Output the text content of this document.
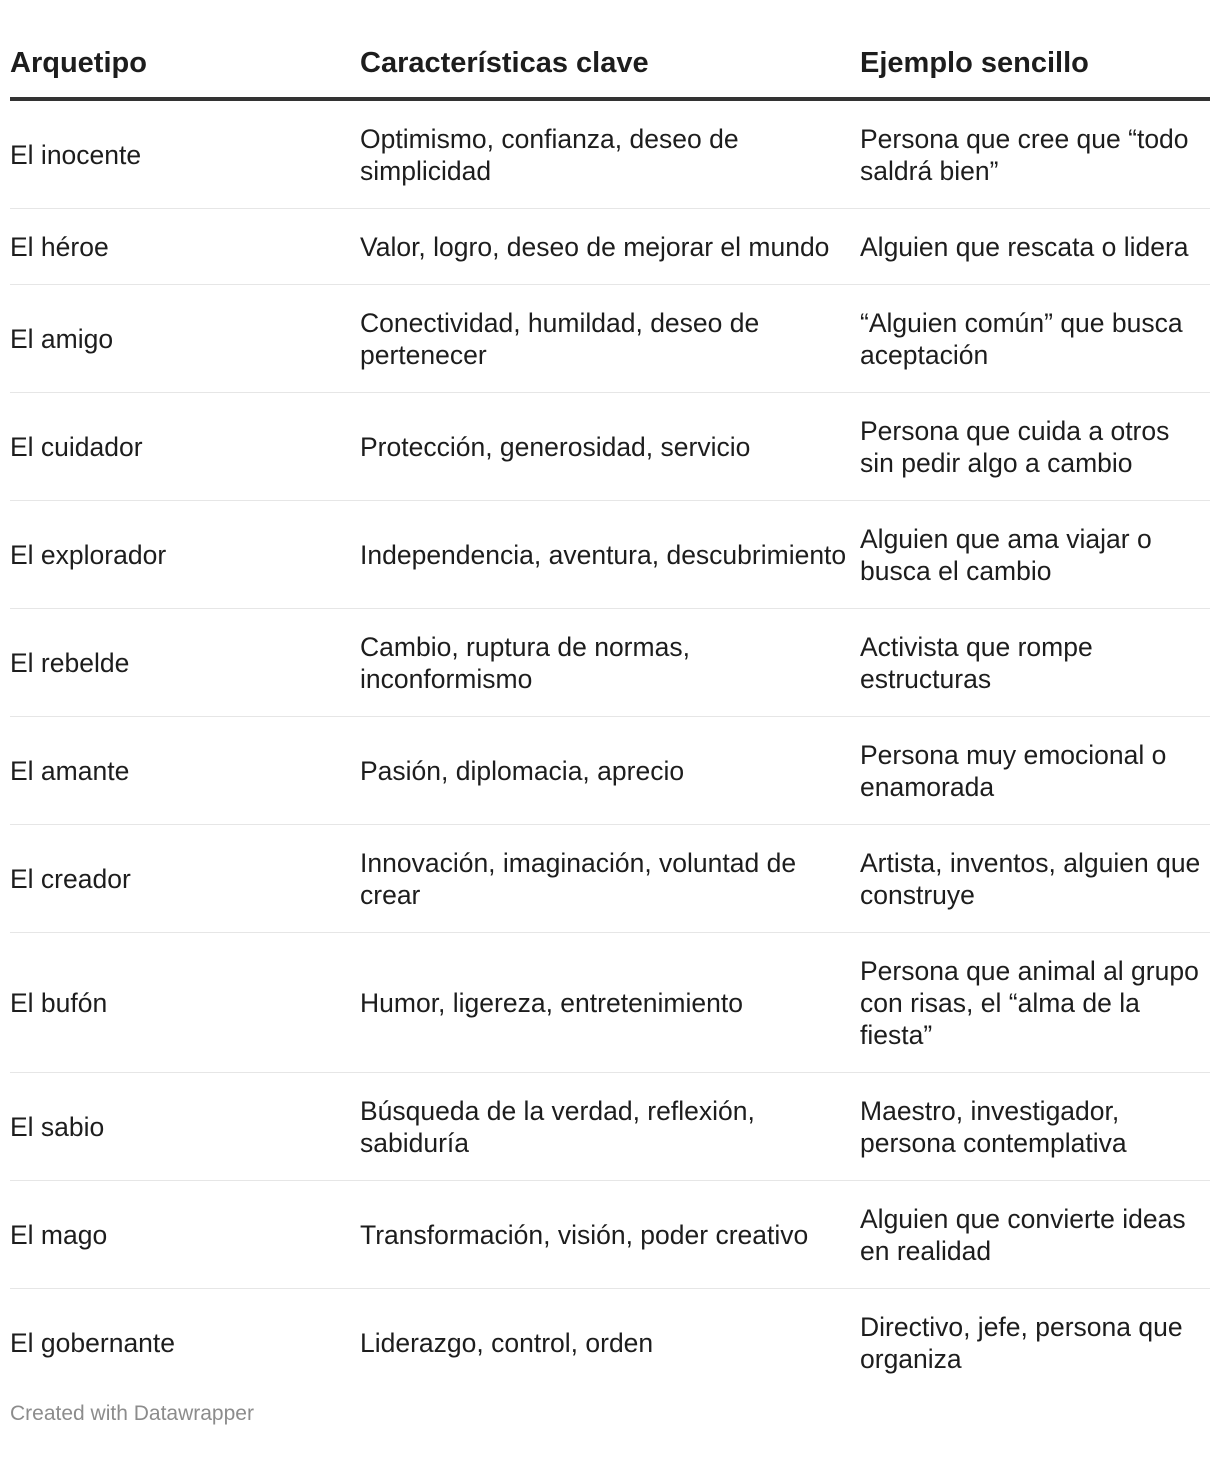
Arquetipo	Características clave	Ejemplo sencillo

El inocente	Optimismo, confianza, deseo de simplicidad	Persona que cree que “todo saldrá bien”

El héroe	Valor, logro, deseo de mejorar el mundo	Alguien que rescata o lidera

El amigo	Conectividad, humildad, deseo de pertenecer	“Alguien común” que busca aceptación

El cuidador	Protección, generosidad, servicio	Persona que cuida a otros sin pedir algo a cambio

El explorador	Independencia, aventura, descubrimiento	Alguien que ama viajar o busca el cambio

El rebelde	Cambio, ruptura de normas, inconformismo	Activista que rompe estructuras

El amante	Pasión, diplomacia, aprecio	Persona muy emocional o enamorada

El creador	Innovación, imaginación, voluntad de crear	Artista, inventos, alguien que construye

El bufón	Humor, ligereza, entretenimiento	Persona que animal al grupo con risas, el “alma de la fiesta”

El sabio	Búsqueda de la verdad, reflexión, sabiduría	Maestro, investigador, persona contemplativa

El mago	Transformación, visión, poder creativo	Alguien que convierte ideas en realidad

El gobernante	Liderazgo, control, orden	Directivo, jefe, persona que organiza
Created with Datawrapper
